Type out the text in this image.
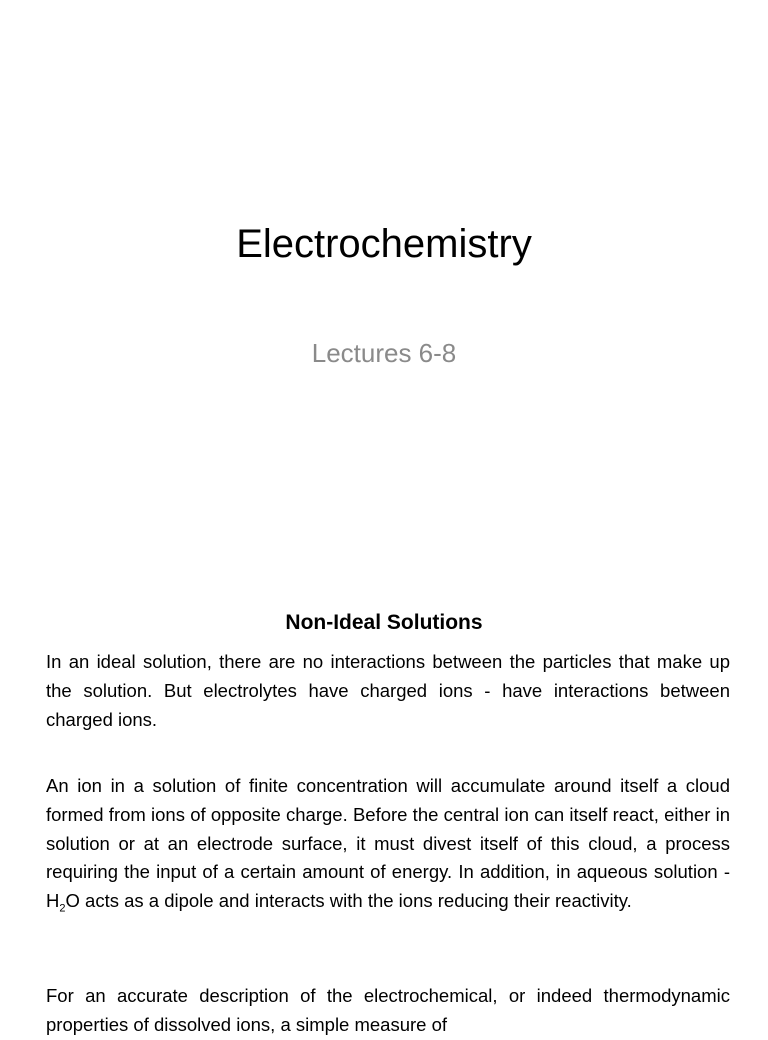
Electrochemistry
Lectures 6-8
Non-Ideal Solutions

In an ideal solution, there are no interactions between the particles that make up the solution. But electrolytes have charged ions - have interactions between charged ions.

An ion in a solution of finite concentration will accumulate around itself a cloud formed from ions of opposite charge. Before the central ion can itself react, either in solution or at an electrode surface, it must divest itself of this cloud, a process requiring the input of a certain amount of energy. In addition, in aqueous solution - $H_2O$ acts as a dipole and interacts with the ions reducing their reactivity.

For an accurate description of the electrochemical, or indeed thermodynamic properties of dissolved ions, a simple measure of
